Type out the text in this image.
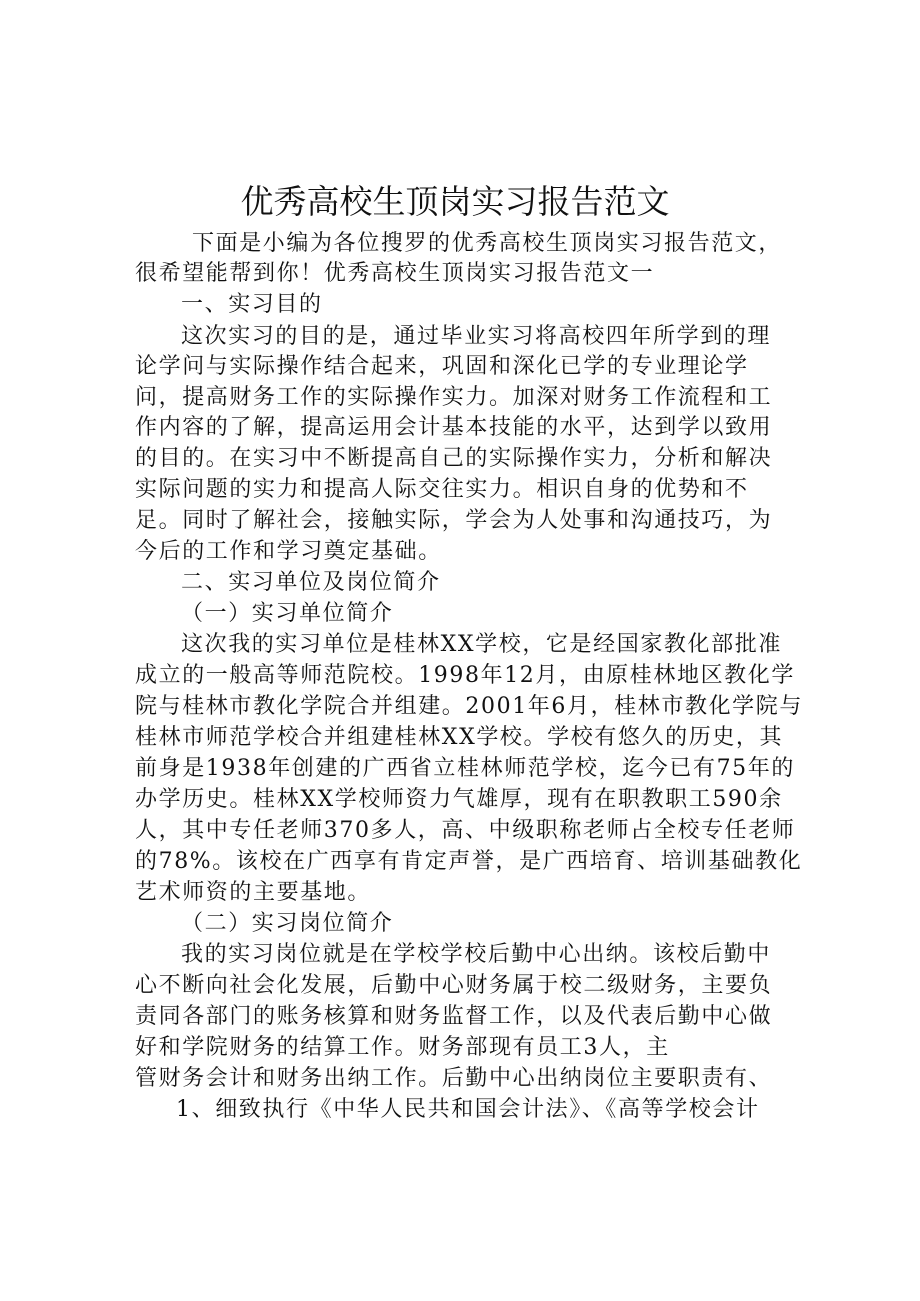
优秀高校生顶岗实习报告范文
下面是小编为各位搜罗的优秀高校生顶岗实习报告范文，
很希望能帮到你！优秀高校生顶岗实习报告范文一
一、实习目的
这次实习的目的是，通过毕业实习将高校四年所学到的理
论学问与实际操作结合起来，巩固和深化已学的专业理论学
问，提高财务工作的实际操作实力。加深对财务工作流程和工
作内容的了解，提高运用会计基本技能的水平，达到学以致用
的目的。在实习中不断提高自己的实际操作实力，分析和解决
实际问题的实力和提高人际交往实力。相识自身的优势和不
足。同时了解社会，接触实际，学会为人处事和沟通技巧，为
今后的工作和学习奠定基础。
二、实习单位及岗位简介
（一）实习单位简介
这次我的实习单位是桂林XX学校，它是经国家教化部批准
成立的一般高等师范院校。1998年12月，由原桂林地区教化学
院与桂林市教化学院合并组建。2001年6月，桂林市教化学院与
桂林市师范学校合并组建桂林XX学校。学校有悠久的历史，其
前身是1938年创建的广西省立桂林师范学校，迄今已有75年的
办学历史。桂林XX学校师资力气雄厚，现有在职教职工590余
人，其中专任老师370多人，高、中级职称老师占全校专任老师
的78%。该校在广西享有肯定声誉，是广西培育、培训基础教化
艺术师资的主要基地。
（二）实习岗位简介
我的实习岗位就是在学校学校后勤中心出纳。该校后勤中
心不断向社会化发展，后勤中心财务属于校二级财务，主要负
责同各部门的账务核算和财务监督工作，以及代表后勤中心做
好和学院财务的结算工作。财务部现有员工3人，主
管财务会计和财务出纳工作。后勤中心出纳岗位主要职责有、
1、细致执行《中华人民共和国会计法》、《高等学校会计
